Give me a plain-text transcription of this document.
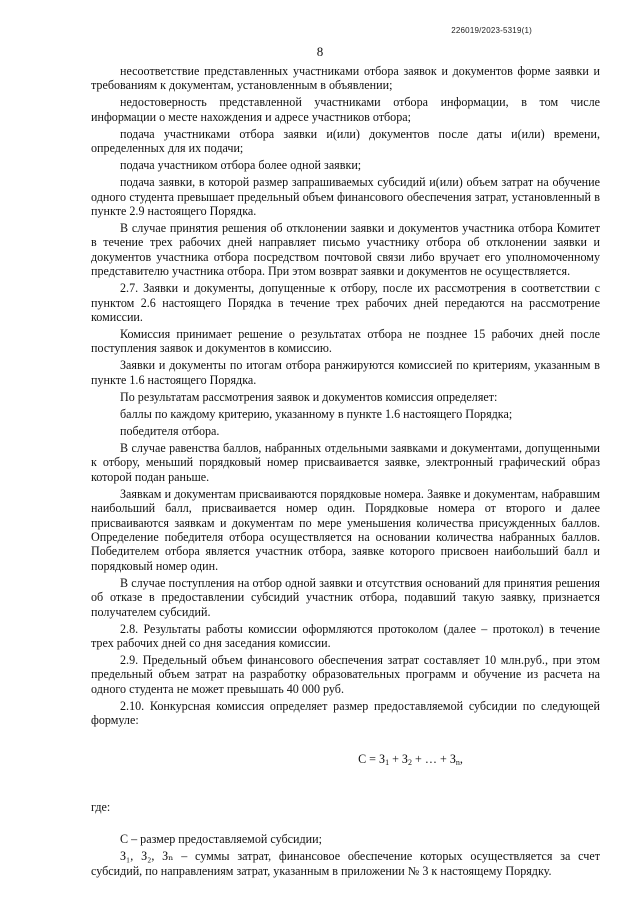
226019/2023-5319(1)
8

несоответствие представленных участниками отбора заявок и документов форме заявки и требованиям к документам, установленным в объявлении;

недостоверность представленной участниками отбора информации, в том числе информации о месте нахождения и адресе участников отбора;

подача участниками отбора заявки и(или) документов после даты и(или) времени, определенных для их подачи;

подача участником отбора более одной заявки;

подача заявки, в которой размер запрашиваемых субсидий и(или) объем затрат на обучение одного студента превышает предельный объем финансового обеспечения затрат, установленный в пункте 2.9 настоящего Порядка.

В случае принятия решения об отклонении заявки и документов участника отбора Комитет в течение трех рабочих дней направляет письмо участнику отбора об отклонении заявки и документов участника отбора посредством почтовой связи либо вручает его уполномоченному представителю участника отбора. При этом возврат заявки и документов не осуществляется.

2.7. Заявки и документы, допущенные к отбору, после их рассмотрения в соответствии с пунктом 2.6 настоящего Порядка в течение трех рабочих дней передаются на рассмотрение комиссии.

Комиссия принимает решение о результатах отбора не позднее 15 рабочих дней после поступления заявок и документов в комиссию.

Заявки и документы по итогам отбора ранжируются комиссией по критериям, указанным в пункте 1.6 настоящего Порядка.

По результатам рассмотрения заявок и документов комиссия определяет:

баллы по каждому критерию, указанному в пункте 1.6 настоящего Порядка;

победителя отбора.

В случае равенства баллов, набранных отдельными заявками и документами, допущенными к отбору, меньший порядковый номер присваивается заявке, электронный графический образ которой подан раньше.

Заявкам и документам присваиваются порядковые номера. Заявке и документам, набравшим наибольший балл, присваивается номер один. Порядковые номера от второго и далее присваиваются заявкам и документам по мере уменьшения количества присужденных баллов. Определение победителя отбора осуществляется на основании количества набранных баллов. Победителем отбора является участник отбора, заявке которого присвоен наибольший балл и порядковый номер один.

В случае поступления на отбор одной заявки и отсутствия оснований для принятия решения об отказе в предоставлении субсидий участник отбора, подавший такую заявку, признается получателем субсидий.

2.8. Результаты работы комиссии оформляются протоколом (далее – протокол) в течение трех рабочих дней со дня заседания комиссии.

2.9. Предельный объем финансового обеспечения затрат составляет 10 млн.руб., при этом предельный объем затрат на разработку образовательных программ и обучение из расчета на одного студента не может превышать 40 000 руб.

2.10. Конкурсная комиссия определяет размер предоставляемой субсидии по следующей формуле:

$С = З_1 + З_2$ + … + $З_n$,

где:

С – размер предоставляемой субсидии;

З₁, З₂, Зₙ – суммы затрат, финансовое обеспечение которых осуществляется за счет субсидий, по направлениям затрат, указанным в приложении № 3 к настоящему Порядку.
